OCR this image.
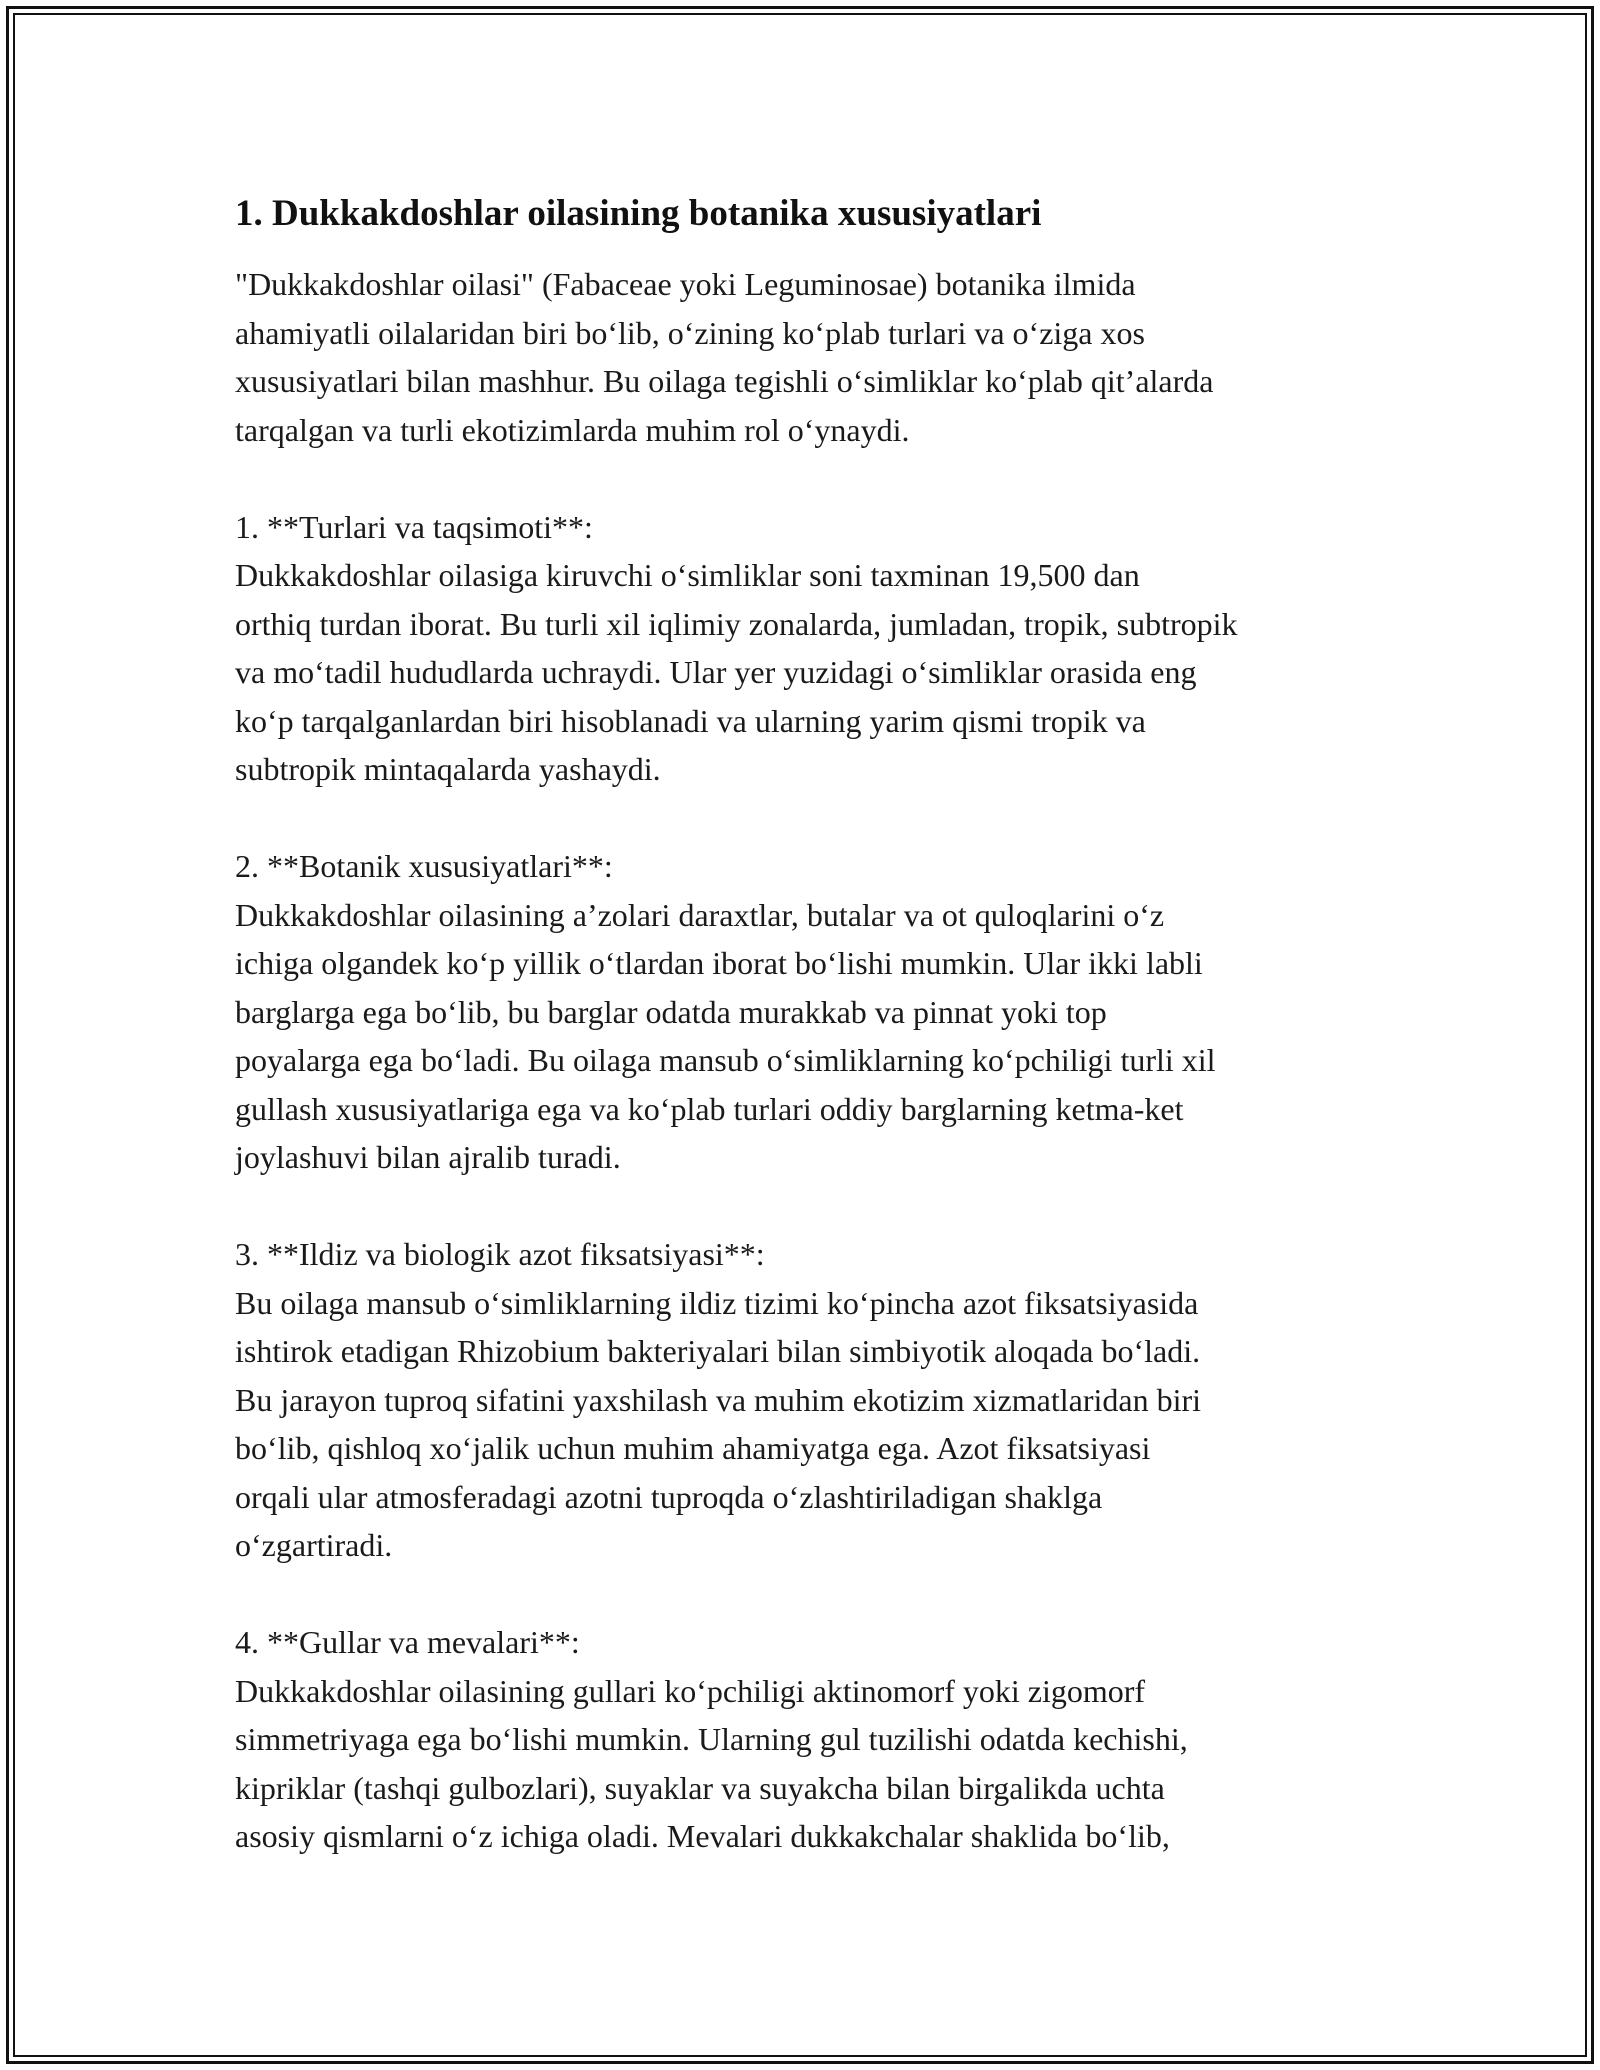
1. Dukkakdoshlar oilasining botanika xususiyatlari

"Dukkakdoshlar oilasi" (Fabaceae yoki Leguminosae) botanika ilmida
ahamiyatli oilalaridan biri boʻlib, oʻzining koʻplab turlari va oʻziga xos
xususiyatlari bilan mashhur. Bu oilaga tegishli oʻsimliklar koʻplab qit’alarda
tarqalgan va turli ekotizimlarda muhim rol oʻynaydi.

1. **Turlari va taqsimoti**:

Dukkakdoshlar oilasiga kiruvchi oʻsimliklar soni taxminan 19,500 dan
orthiq turdan iborat. Bu turli xil iqlimiy zonalarda, jumladan, tropik, subtropik
va moʻtadil hududlarda uchraydi. Ular yer yuzidagi oʻsimliklar orasida eng
koʻp tarqalganlardan biri hisoblanadi va ularning yarim qismi tropik va
subtropik mintaqalarda yashaydi.

2. **Botanik xususiyatlari**:

Dukkakdoshlar oilasining a’zolari daraxtlar, butalar va ot quloqlarini oʻz
ichiga olgandek koʻp yillik oʻtlardan iborat boʻlishi mumkin. Ular ikki labli
barglarga ega boʻlib, bu barglar odatda murakkab va pinnat yoki top
poyalarga ega boʻladi. Bu oilaga mansub oʻsimliklarning koʻpchiligi turli xil
gullash xususiyatlariga ega va koʻplab turlari oddiy barglarning ketma-ket
joylashuvi bilan ajralib turadi.

3. **Ildiz va biologik azot fiksatsiyasi**:

Bu oilaga mansub oʻsimliklarning ildiz tizimi koʻpincha azot fiksatsiyasida
ishtirok etadigan Rhizobium bakteriyalari bilan simbiyotik aloqada boʻladi.
Bu jarayon tuproq sifatini yaxshilash va muhim ekotizim xizmatlaridan biri
boʻlib, qishloq xoʻjalik uchun muhim ahamiyatga ega. Azot fiksatsiyasi
orqali ular atmosferadagi azotni tuproqda oʻzlashtiriladigan shaklga
oʻzgartiradi.

4. **Gullar va mevalari**:

Dukkakdoshlar oilasining gullari koʻpchiligi aktinomorf yoki zigomorf
simmetriyaga ega boʻlishi mumkin. Ularning gul tuzilishi odatda kechishi,
kipriklar (tashqi gulbozlari), suyaklar va suyakcha bilan birgalikda uchta
asosiy qismlarni oʻz ichiga oladi. Mevalari dukkakchalar shaklida boʻlib,
